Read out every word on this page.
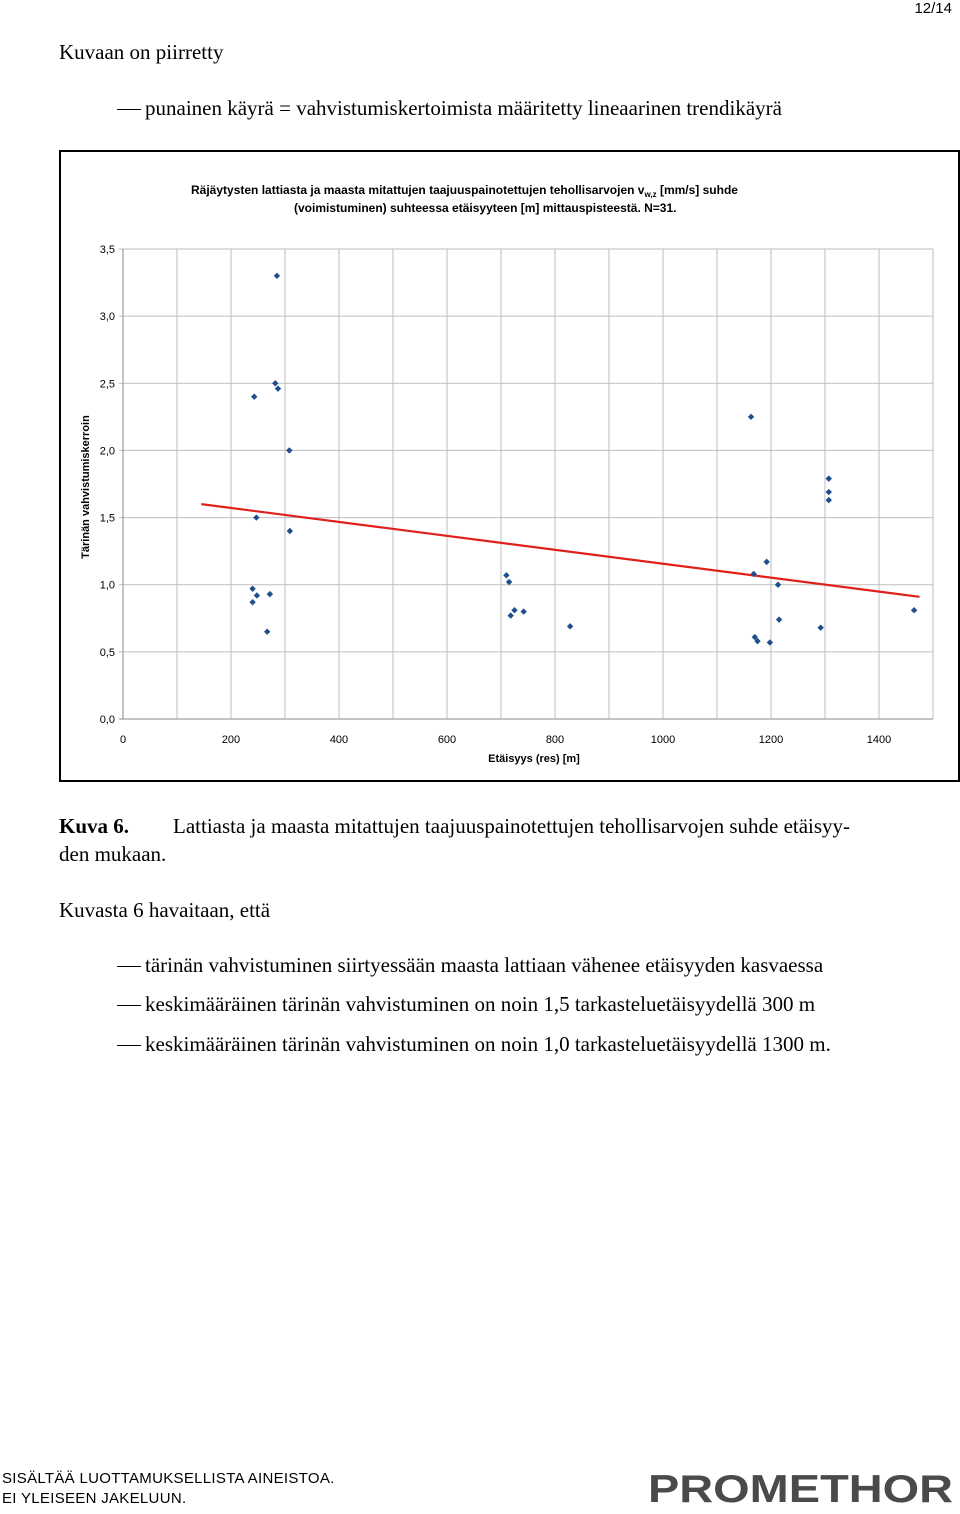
12/14
Kuvaan on piirretty
punainen käyrä = vahvistumiskertoimista määritetty lineaarinen trendikäyrä
0,0
0,5
1,0
1,5
2,0
2,5
3,0
3,5
0	200	400	600	800	1000	1200	1400
Räjäytysten lattiasta ja maasta mitattujen taajuuspainotettujen tehollisarvojen $v_{w,z}$ [mm/s] suhde
(voimistuminen) suhteessa etäisyyteen [m] mittauspisteestä. N=31.
Etäisyys (res) [m]
Tärinän vahvistumiskerroin
Kuva 6. Lattiasta ja maasta mitattujen taajuuspainotettujen tehollisarvojen suhde etäisyy-
den mukaan.
Kuvasta 6 havaitaan, että
tärinän vahvistuminen siirtyessään maasta lattiaan vähenee etäisyyden kasvaessa
keskimääräinen tärinän vahvistuminen on noin 1,5 tarkasteluetäisyydellä 300 m
keskimääräinen tärinän vahvistuminen on noin 1,0 tarkasteluetäisyydellä 1300 m.
SISÄLTÄÄ LUOTTAMUKSELLISTA AINEISTOA.
EI YLEISEEN JAKELUUN.	PROMETHOR
